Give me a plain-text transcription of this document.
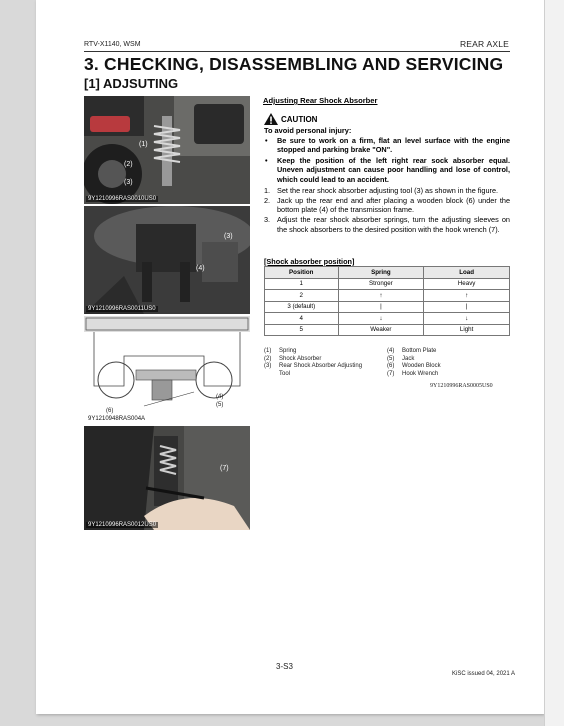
RTV-X1140, WSM	REAR AXLE
3. CHECKING, DISASSEMBLING AND SERVICING
[1] ADJSUTING
(1)
(2)
(3)
9Y1210996RAS0010US0
(3)
(4)
9Y1210996RAS0011US0
(4)
(5)
(6)
9Y1210948RAS004A
(7)
9Y1210996RAS0012US0
Adjusting Rear Shock Absorber
CAUTION
To avoid personal injury:
•	Be sure to work on a firm, flat an level surface with the engine stopped and parking brake "ON".
•	Keep the position of the left right rear sock absorber equal. Uneven adjustment can cause poor handling and lose of control, which could lead to an accident.
1. Set the rear shock absorber adjusting tool (3) as shown in the figure.
2. Jack up the rear end and after placing a wooden block (6) under the bottom plate (4) of the transmission frame.
3. Adjust the rear shock absorber springs, turn the adjusting sleeves on the shock absorbers to the desired position with the hook wrench (7).
[Shock absorber position]
Position	Spring	Load
1	Stronger	Heavy
2	↑	↑
3 (default)	|	|
4	↓	↓
5	Weaker	Light
(1)	Spring
(2)	Shock Absorber
(3)	Rear Shock Absorber Adjusting Tool
(4)	Bottom Plate
(5)	Jack
(6)	Wooden Block
(7)	Hook Wrench
9Y1210996RAS0005US0
3-S3
KiSC issued 04, 2021 A
